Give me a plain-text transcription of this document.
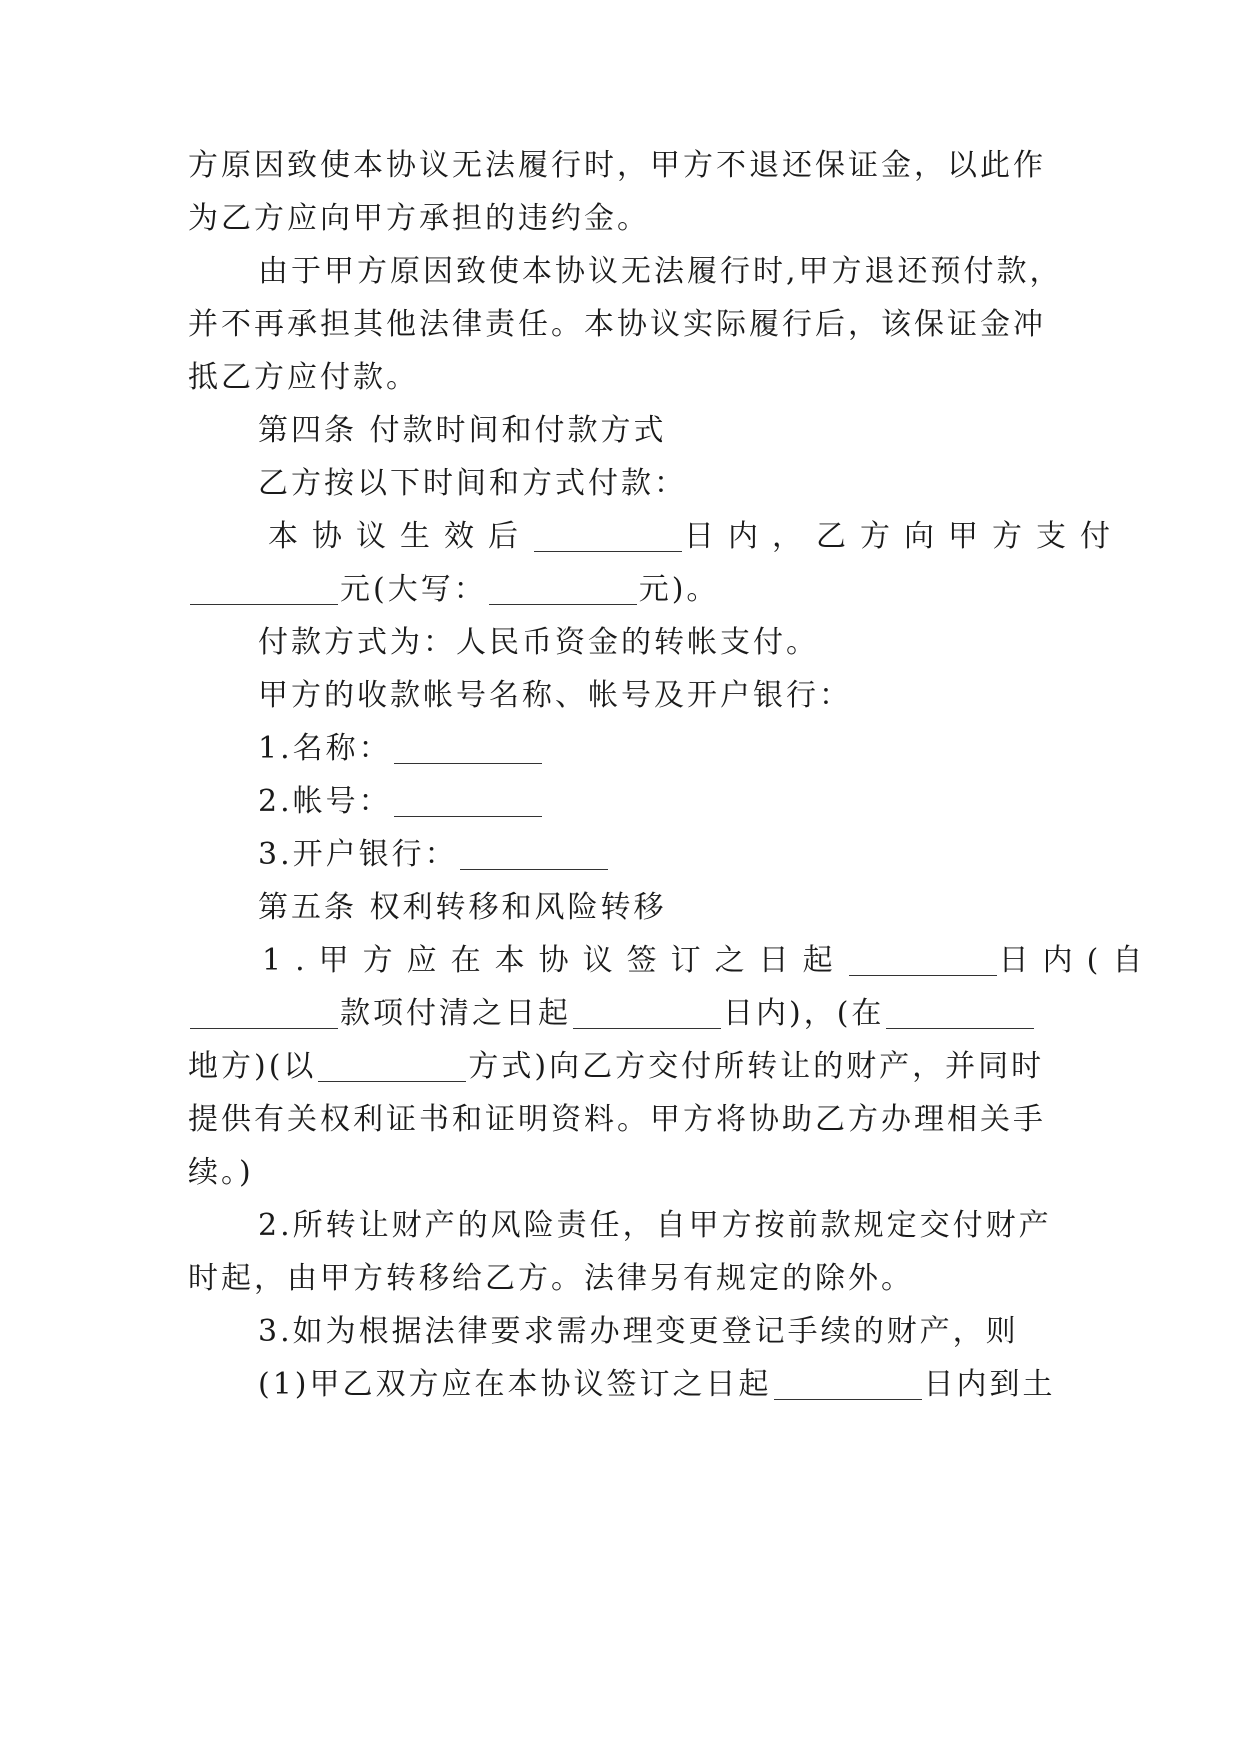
方原因致使本协议无法履行时，甲方不退还保证金，以此作
为乙方应向甲方承担的违约金。
由于甲方原因致使本协议无法履行时,甲方退还预付款，
并不再承担其他法律责任。本协议实际履行后，该保证金冲
抵乙方应付款。
第四条 付款时间和付款方式
乙方按以下时间和方式付款：
本协议生效后	日内，乙方向甲方支付
元(大写：	元)。
付款方式为：人民币资金的转帐支付。
甲方的收款帐号名称、帐号及开户银行：
1.名称：
2.帐号：
3.开户银行：
第五条 权利转移和风险转移
1.甲方应在本协议签订之日起	日内(自
款项付清之日起	日内)，(在
地方)(以	方式)向乙方交付所转让的财产，并同时
提供有关权利证书和证明资料。甲方将协助乙方办理相关手
续。)
2.所转让财产的风险责任，自甲方按前款规定交付财产
时起，由甲方转移给乙方。法律另有规定的除外。
3.如为根据法律要求需办理变更登记手续的财产，则
(1)甲乙双方应在本协议签订之日起	日内到土
